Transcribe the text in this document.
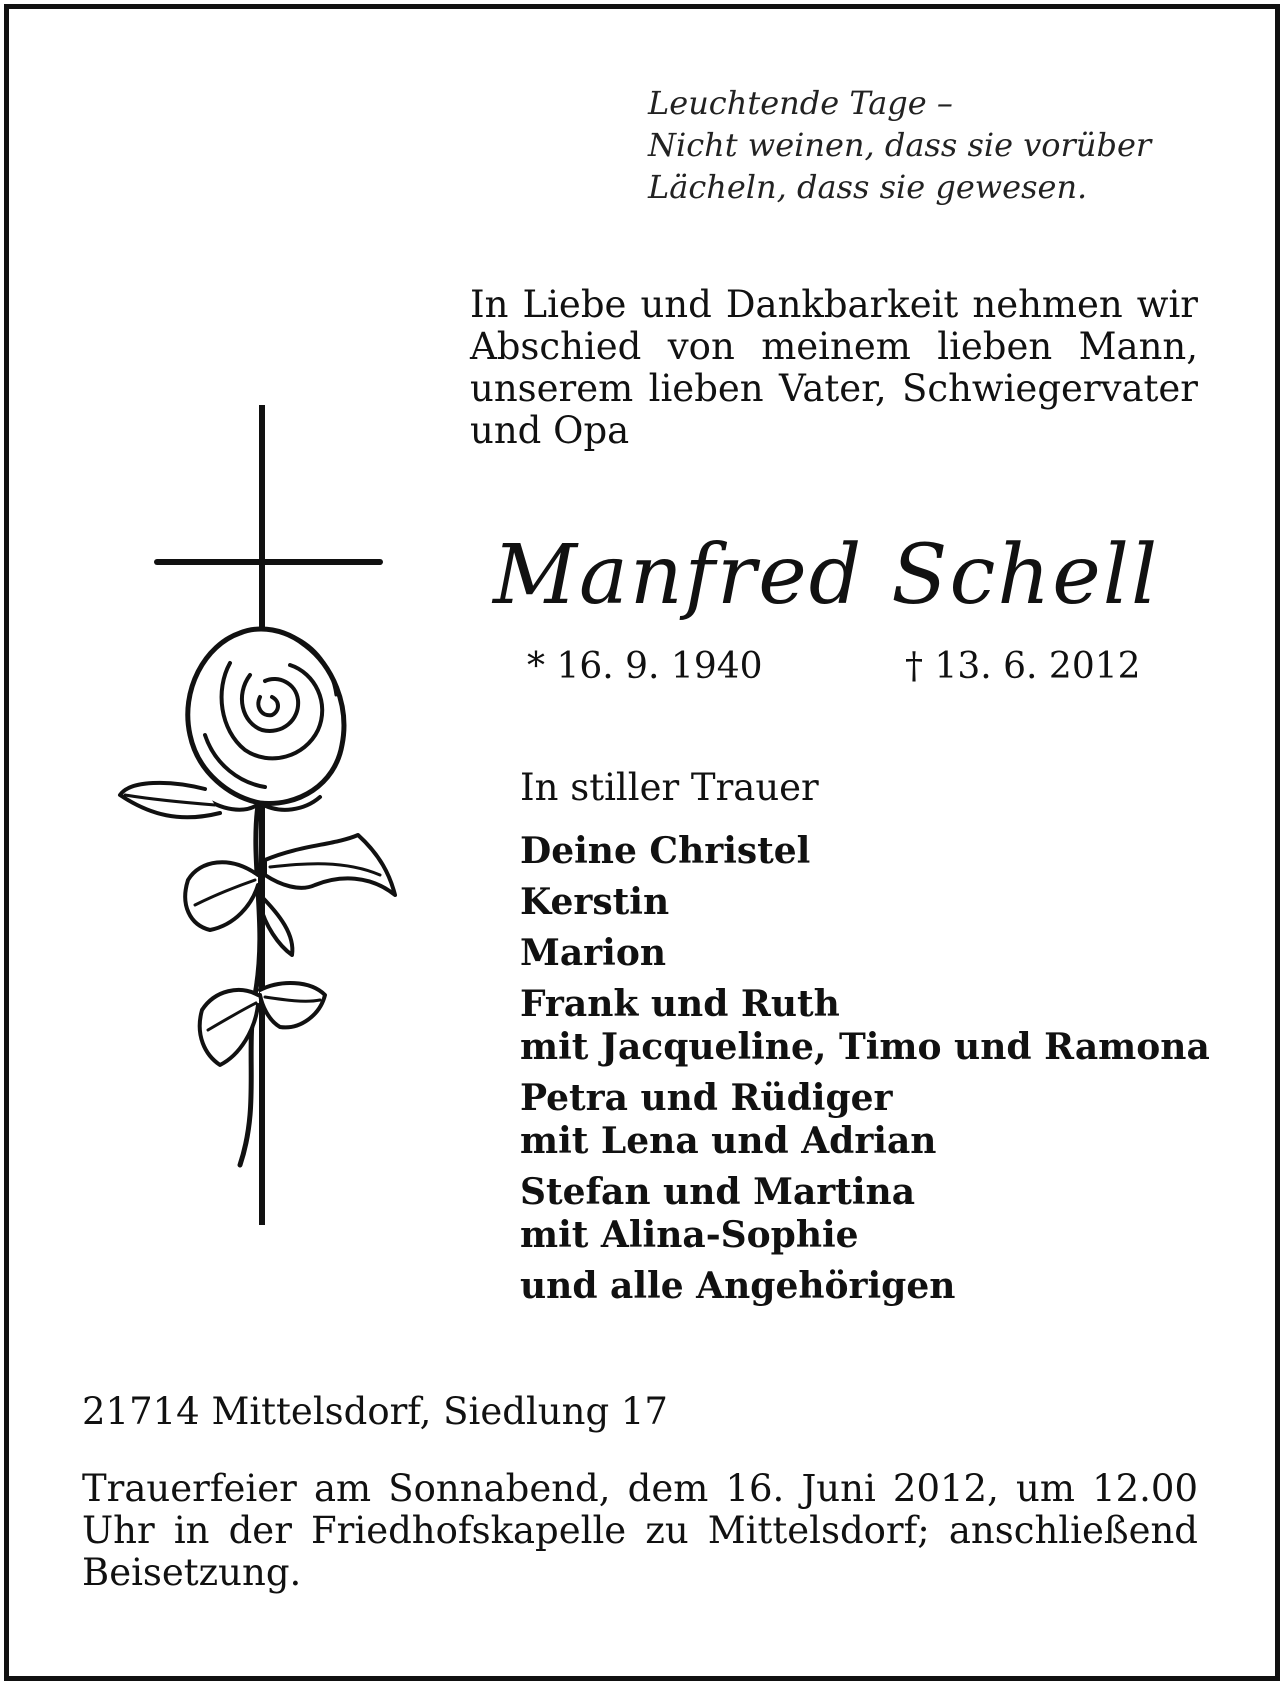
Leuchtende Tage –
Nicht weinen, dass sie vorüber
Lächeln, dass sie gewesen.
In Liebe und Dankbarkeit nehmen wir Abschied von meinem lieben Mann, unserem lieben Vater, Schwiegervater und Opa
Manfred Schell
* 16. 9. 1940	† 13. 6. 2012
In stiller Trauer
Deine Christel
Kerstin
Marion
Frank und Ruth
mit Jacqueline, Timo und Ramona
Petra und Rüdiger
mit Lena und Adrian
Stefan und Martina
mit Alina-Sophie
und alle Angehörigen
21714 Mittelsdorf, Siedlung 17
Trauerfeier am Sonnabend, dem 16. Juni 2012, um 12.00 Uhr in der Friedhofskapelle zu Mittelsdorf; anschließend Beisetzung.
